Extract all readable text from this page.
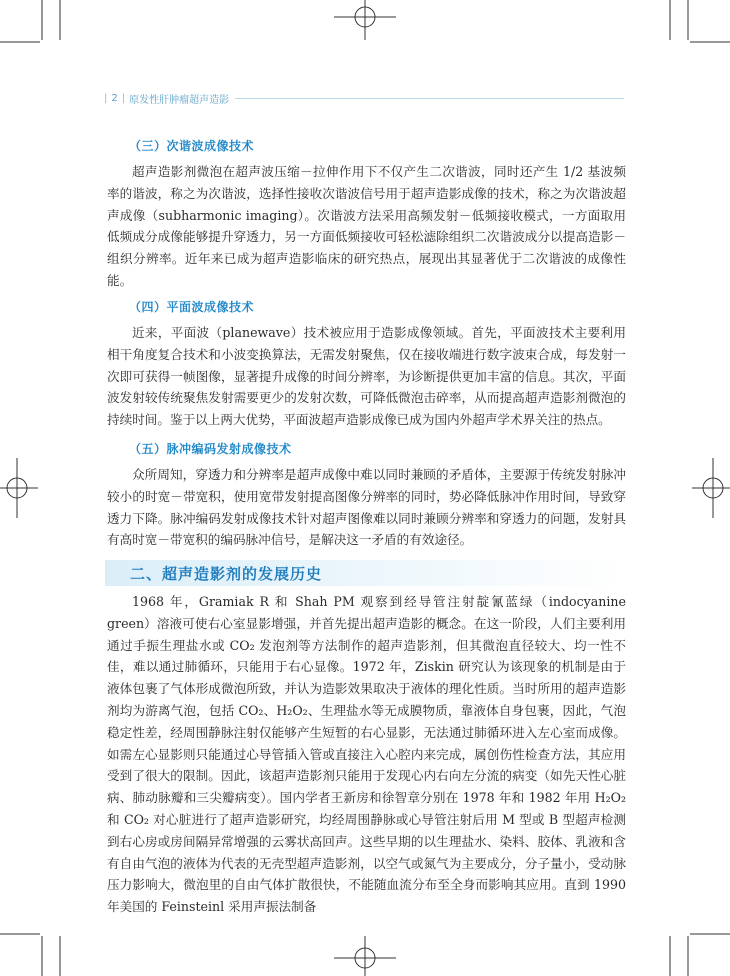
| 2 | 原发性肝肿瘤超声造影
（三）次谐波成像技术

超声造影剂微泡在超声波压缩－拉伸作用下不仅产生二次谐波，同时还产生 1/2 基波频率的谐波，称之为次谐波，选择性接收次谐波信号用于超声造影成像的技术，称之为次谐波超声成像（subharmonic imaging）。次谐波方法采用高频发射－低频接收模式，一方面取用低频成分成像能够提升穿透力，另一方面低频接收可轻松滤除组织二次谐波成分以提高造影－组织分辨率。近年来已成为超声造影临床的研究热点，展现出其显著优于二次谐波的成像性能。

（四）平面波成像技术

近来，平面波（planewave）技术被应用于造影成像领域。首先，平面波技术主要利用相干角度复合技术和小波变换算法，无需发射聚焦，仅在接收端进行数字波束合成，每发射一次即可获得一帧图像，显著提升成像的时间分辨率，为诊断提供更加丰富的信息。其次，平面波发射较传统聚焦发射需要更少的发射次数，可降低微泡击碎率，从而提高超声造影剂微泡的持续时间。鉴于以上两大优势，平面波超声造影成像已成为国内外超声学术界关注的热点。

（五）脉冲编码发射成像技术

众所周知，穿透力和分辨率是超声成像中难以同时兼顾的矛盾体，主要源于传统发射脉冲较小的时宽－带宽积，使用宽带发射提高图像分辨率的同时，势必降低脉冲作用时间，导致穿透力下降。脉冲编码发射成像技术针对超声图像难以同时兼顾分辨率和穿透力的问题，发射具有高时宽－带宽积的编码脉冲信号，是解决这一矛盾的有效途径。

二、超声造影剂的发展历史

1968 年，Gramiak R 和 Shah PM 观察到经导管注射靛氰蓝绿（indocyanine green）溶液可使右心室显影增强，并首先提出超声造影的概念。在这一阶段，人们主要利用通过手振生理盐水或 CO₂ 发泡剂等方法制作的超声造影剂，但其微泡直径较大、均一性不佳，难以通过肺循环，只能用于右心显像。1972 年，Ziskin 研究认为该现象的机制是由于液体包裹了气体形成微泡所致，并认为造影效果取决于液体的理化性质。当时所用的超声造影剂均为游离气泡，包括 CO₂、H₂O₂、生理盐水等无成膜物质，靠液体自身包裹，因此，气泡稳定性差，经周围静脉注射仅能够产生短暂的右心显影，无法通过肺循环进入左心室而成像。如需左心显影则只能通过心导管插入管或直接注入心腔内来完成，属创伤性检查方法，其应用受到了很大的限制。因此，该超声造影剂只能用于发现心内右向左分流的病变（如先天性心脏病、肺动脉瓣和三尖瓣病变）。国内学者王新房和徐智章分别在 1978 年和 1982 年用 H₂O₂ 和 CO₂ 对心脏进行了超声造影研究，均经周围静脉或心导管注射后用 M 型或 B 型超声检测到右心房或房间隔异常增强的云雾状高回声。这些早期的以生理盐水、染料、胶体、乳液和含有自由气泡的液体为代表的无壳型超声造影剂，以空气或氮气为主要成分，分子量小，受动脉压力影响大，微泡里的自由气体扩散很快，不能随血流分布至全身而影响其应用。直到 1990 年美国的 Feinsteinl 采用声振法制备
